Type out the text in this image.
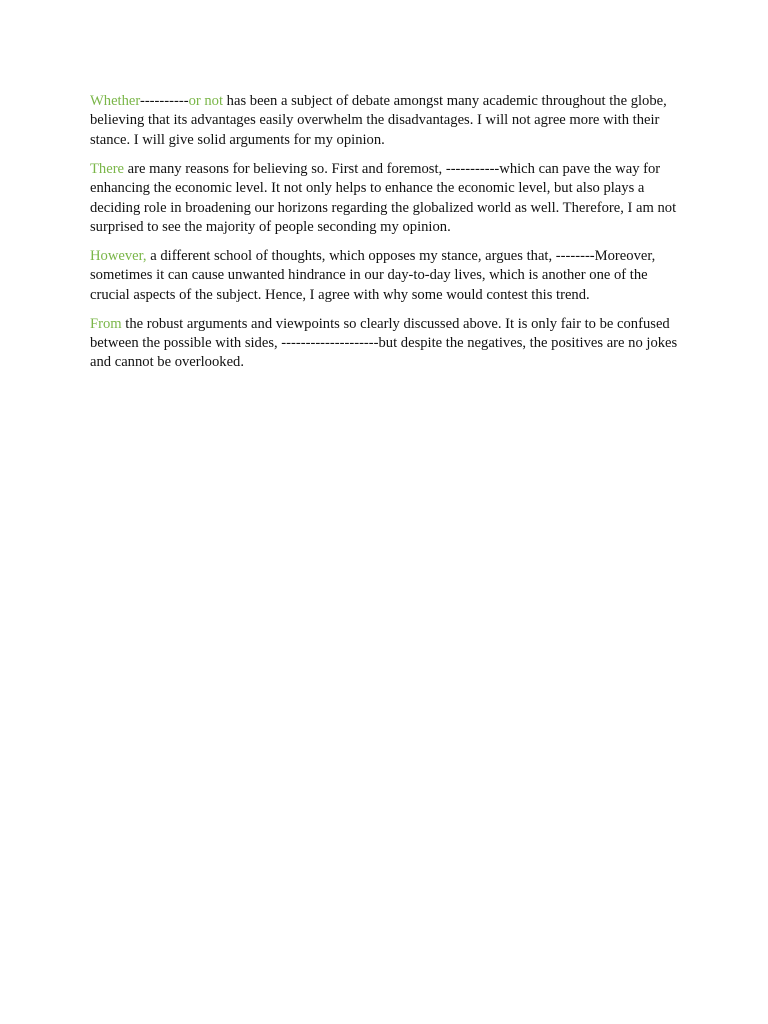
Whether----------or not has been a subject of debate amongst many academic throughout the globe, believing that its advantages easily overwhelm the disadvantages. I will not agree more with their stance. I will give solid arguments for my opinion.

There are many reasons for believing so. First and foremost, -----------which can pave the way for enhancing the economic level. It not only helps to enhance the economic level, but also plays a deciding role in broadening our horizons regarding the globalized world as well. Therefore, I am not surprised to see the majority of people seconding my opinion.

However, a different school of thoughts, which opposes my stance, argues that, --------Moreover, sometimes it can cause unwanted hindrance in our day-to-day lives, which is another one of the crucial aspects of the subject. Hence, I agree with why some would contest this trend.

From the robust arguments and viewpoints so clearly discussed above. It is only fair to be confused between the possible with sides, --------------------but despite the negatives, the positives are no jokes and cannot be overlooked.
